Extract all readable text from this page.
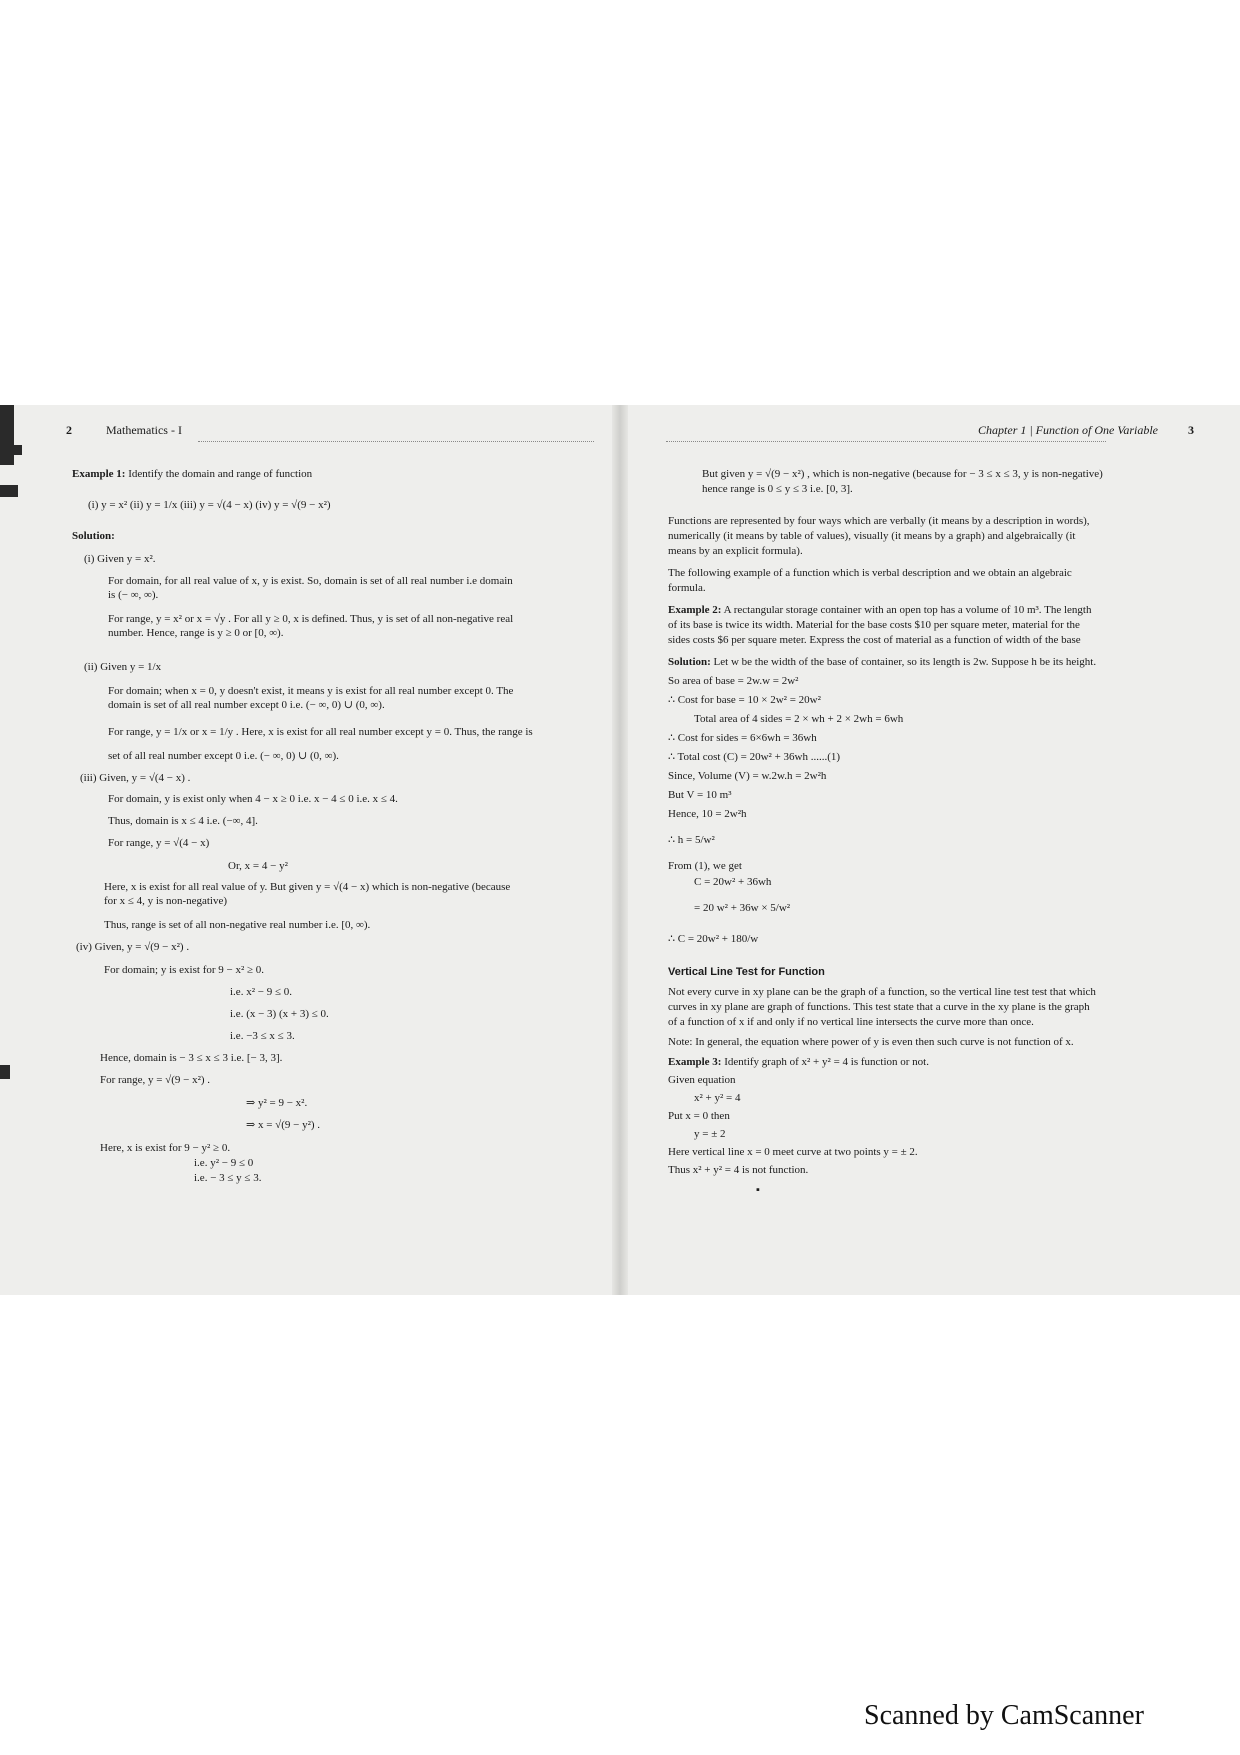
2	Mathematics - I
Example 1: Identify the domain and range of function
(i) y = x² (ii) y = 1/x (iii) y = √(4 − x) (iv) y = √(9 − x²)
Solution:
(i) Given y = x².
For domain, for all real value of x, y is exist. So, domain is set of all real number i.e domain
is (− ∞, ∞).
For range, y = x² or x = √y . For all y ≥ 0, x is defined. Thus, y is set of all non-negative real
number. Hence, range is y ≥ 0 or [0, ∞).
(ii) Given y = 1/x
For domain; when x = 0, y doesn't exist, it means y is exist for all real number except 0. The
domain is set of all real number except 0 i.e. (− ∞, 0) ∪ (0, ∞).
For range, y = 1/x or x = 1/y . Here, x is exist for all real number except y = 0. Thus, the range is
set of all real number except 0 i.e. (− ∞, 0) ∪ (0, ∞).
(iii) Given, y = √(4 − x) .
For domain, y is exist only when 4 − x ≥ 0 i.e. x − 4 ≤ 0 i.e. x ≤ 4.
Thus, domain is x ≤ 4 i.e. (−∞, 4].
For range, y = √(4 − x)
Or, x = 4 − y²
Here, x is exist for all real value of y. But given y = √(4 − x) which is non-negative (because
for x ≤ 4, y is non-negative)
Thus, range is set of all non-negative real number i.e. [0, ∞).
(iv) Given, y = √(9 − x²) .
For domain; y is exist for 9 − x² ≥ 0.
i.e. x² − 9 ≤ 0.
i.e. (x − 3) (x + 3) ≤ 0.
i.e. −3 ≤ x ≤ 3.
Hence, domain is − 3 ≤ x ≤ 3 i.e. [− 3, 3].
For range, y = √(9 − x²) .
⇒ y² = 9 − x².
⇒ x = √(9 − y²) .
Here, x is exist for 9 − y² ≥ 0.
i.e. y² − 9 ≤ 0
i.e. − 3 ≤ y ≤ 3.
Chapter 1 | Function of One Variable	3
But given y = √(9 − x²) , which is non-negative (because for − 3 ≤ x ≤ 3, y is non-negative)
hence range is 0 ≤ y ≤ 3 i.e. [0, 3].
Functions are represented by four ways which are verbally (it means by a description in words),
numerically (it means by table of values), visually (it means by a graph) and algebraically (it
means by an explicit formula).
The following example of a function which is verbal description and we obtain an algebraic
formula.
Example 2: A rectangular storage container with an open top has a volume of 10 m³. The length
of its base is twice its width. Material for the base costs $10 per square meter, material for the
sides costs $6 per square meter. Express the cost of material as a function of width of the base
Solution: Let w be the width of the base of container, so its length is 2w. Suppose h be its height.
So area of base = 2w.w = 2w²
∴ Cost for base = 10 × 2w² = 20w²
Total area of 4 sides = 2 × wh + 2 × 2wh = 6wh
∴ Cost for sides = 6×6wh = 36wh
∴ Total cost (C) = 20w² + 36wh ......(1)
Since, Volume (V) = w.2w.h = 2w²h
But V = 10 m³
Hence, 10 = 2w²h
∴ h = 5/w²
From (1), we get
C = 20w² + 36wh
= 20 w² + 36w × 5/w²
∴ C = 20w² + 180/w
Vertical Line Test for Function
Not every curve in xy plane can be the graph of a function, so the vertical line test test that which
curves in xy plane are graph of functions. This test state that a curve in the xy plane is the graph
of a function of x if and only if no vertical line intersects the curve more than once.
Note: In general, the equation where power of y is even then such curve is not function of x.
Example 3: Identify graph of x² + y² = 4 is function or not.
Given equation
x² + y² = 4
Put x = 0 then
y = ± 2
Here vertical line x = 0 meet curve at two points y = ± 2.
Thus x² + y² = 4 is not function.
▪
Scanned by CamScanner
